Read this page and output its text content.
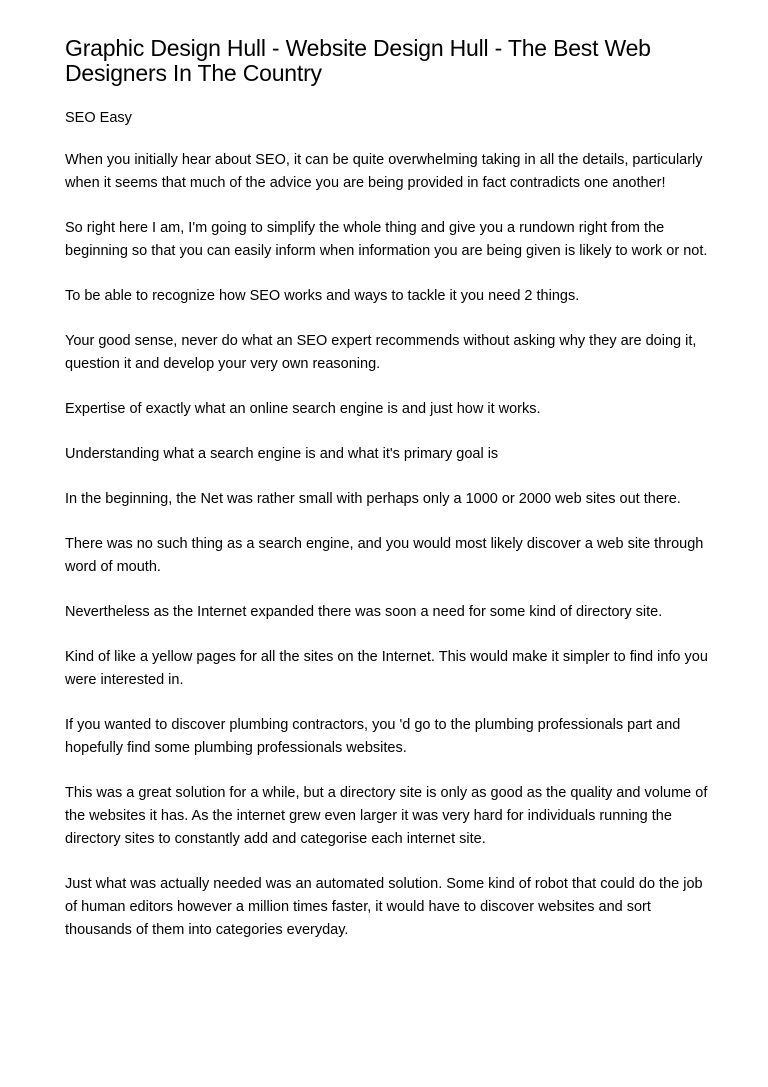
Graphic Design Hull - Website Design Hull - The Best Web Designers In The Country

SEO Easy

When you initially hear about SEO, it can be quite overwhelming taking in all the details, particularly when it seems that much of the advice you are being provided in fact contradicts one another!

So right here I am, I'm going to simplify the whole thing and give you a rundown right from the beginning so that you can easily inform when information you are being given is likely to work or not.

To be able to recognize how SEO works and ways to tackle it you need 2 things.

Your good sense, never do what an SEO expert recommends without asking why they are doing it, question it and develop your very own reasoning.

Expertise of exactly what an online search engine is and just how it works.

Understanding what a search engine is and what it's primary goal is

In the beginning, the Net was rather small with perhaps only a 1000 or 2000 web sites out there.

There was no such thing as a search engine, and you would most likely discover a web site through word of mouth.

Nevertheless as the Internet expanded there was soon a need for some kind of directory site.

Kind of like a yellow pages for all the sites on the Internet. This would make it simpler to find info you were interested in.

If you wanted to discover plumbing contractors, you 'd go to the plumbing professionals part and hopefully find some plumbing professionals websites.

This was a great solution for a while, but a directory site is only as good as the quality and volume of the websites it has. As the internet grew even larger it was very hard for individuals running the directory sites to constantly add and categorise each internet site.

Just what was actually needed was an automated solution. Some kind of robot that could do the job of human editors however a million times faster, it would have to discover websites and sort thousands of them into categories everyday.
